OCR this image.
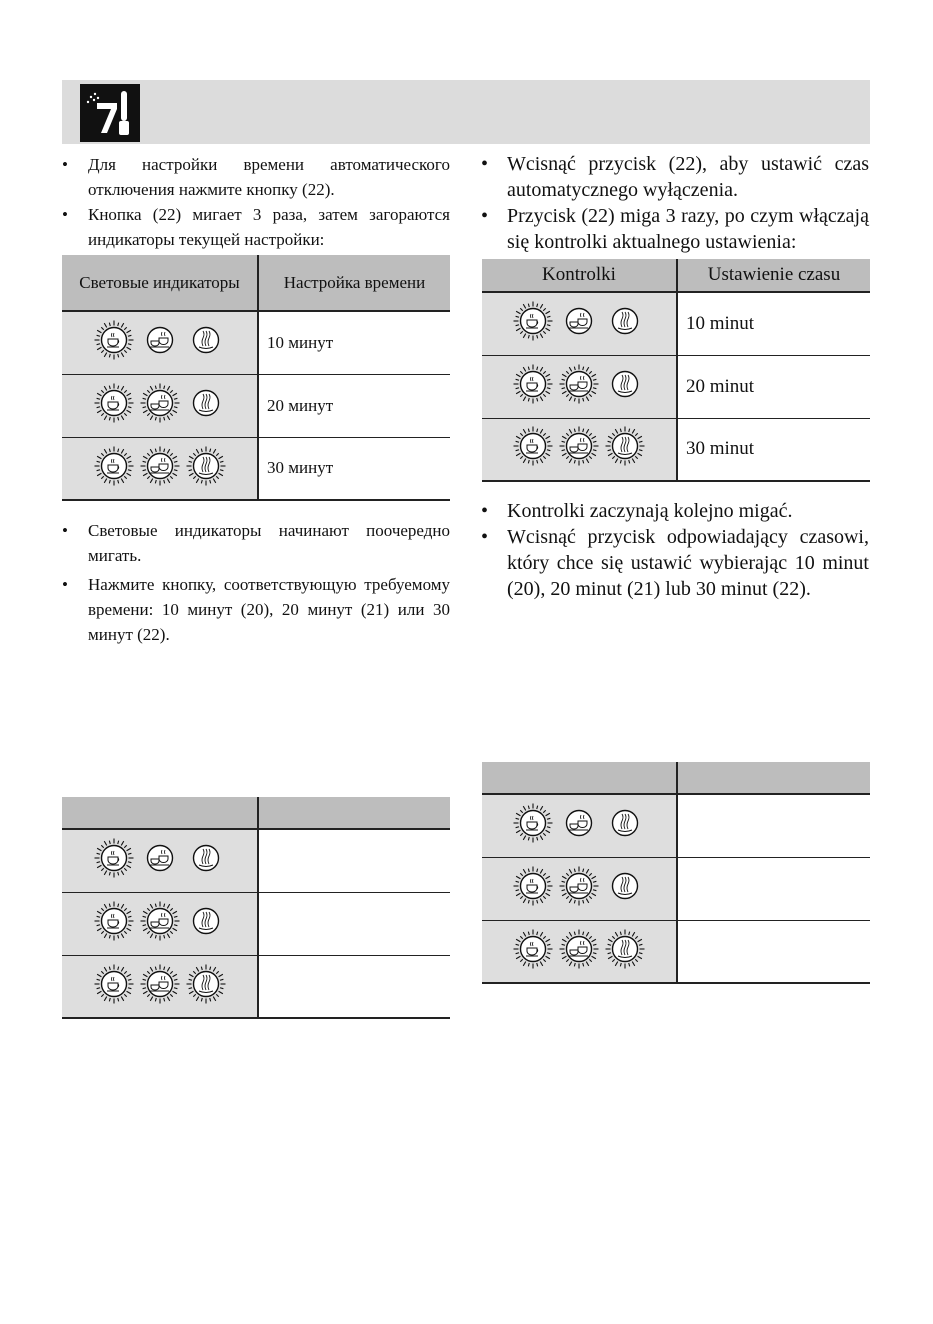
• Для настройки времени автоматического отключения нажмите кнопку (22).
• Кнопка (22) мигает 3 раза, затем загораются индикаторы текущей настройки:
Световые индикаторы	Настройка времени
	10 минут
	20 минут
	30 минут
• Световые индикаторы начинают поочередно мигать.
• Нажмите кнопку, соответствующую требуемому времени: 10 минут (20), 20 минут (21) или 30 минут (22).

• Wcisnąć przycisk (22), aby ustawić czas automatycznego wyłączenia.
• Przycisk (22) miga 3 razy, po czym włączają się kontrolki aktualnego ustawienia:
Kontrolki	Ustawienie czasu
	10 minut
	20 minut
	30 minut
• Kontrolki zaczynają kolejno migać.
• Wcisnąć przycisk odpowiadający czasowi, który chce się ustawić wybierając 10 minut (20), 20 minut (21) lub 30 minut (22).
